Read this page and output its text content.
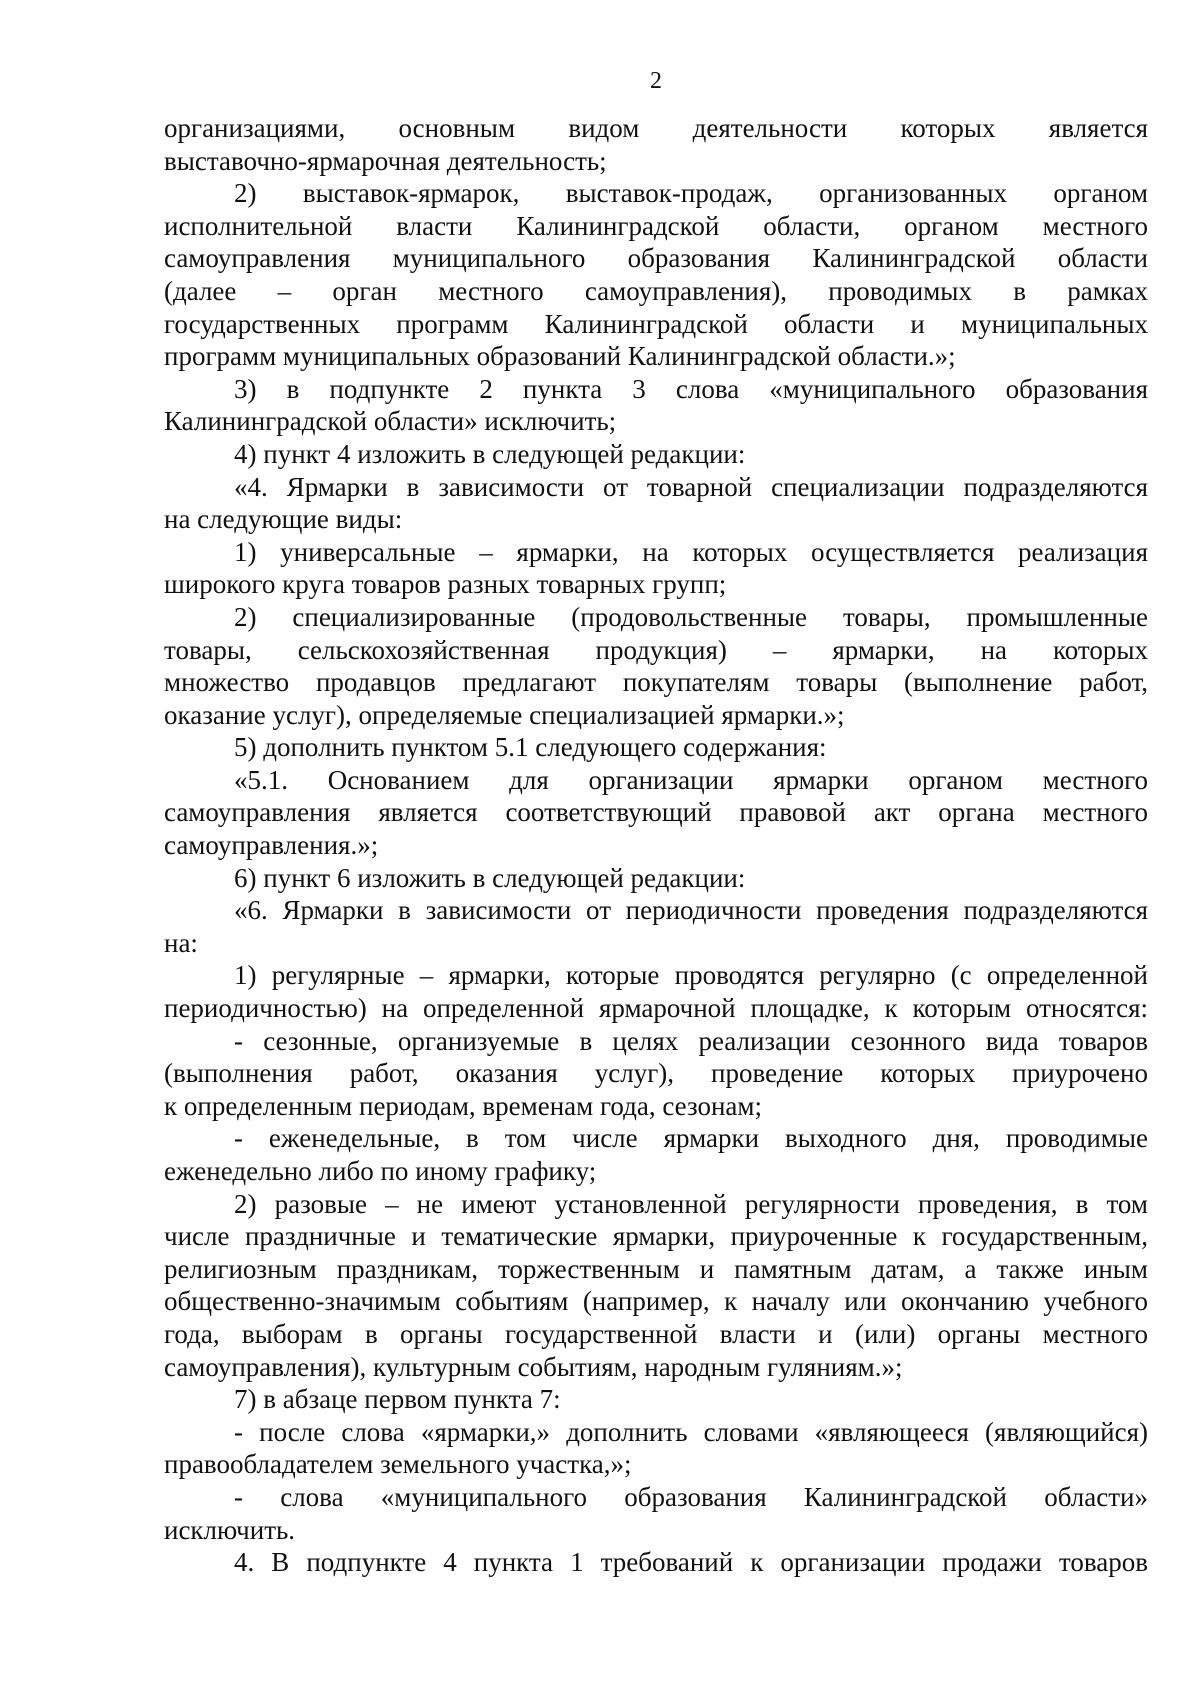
2
организациями, основным видом деятельности которых является
выставочно-ярмарочная деятельность;
2) выставок-ярмарок, выставок-продаж, организованных органом
исполнительной власти Калининградской области, органом местного
самоуправления муниципального образования Калининградской области
(далее – орган местного самоуправления), проводимых в рамках
государственных программ Калининградской области и муниципальных
программ муниципальных образований Калининградской области.»;
3) в подпункте 2 пункта 3 слова «муниципального образования
Калининградской области» исключить;
4) пункт 4 изложить в следующей редакции:
«4. Ярмарки в зависимости от товарной специализации подразделяются
на следующие виды:
1) универсальные – ярмарки, на которых осуществляется реализация
широкого круга товаров разных товарных групп;
2) специализированные (продовольственные товары, промышленные
товары, сельскохозяйственная продукция) – ярмарки, на которых
множество продавцов предлагают покупателям товары (выполнение работ,
оказание услуг), определяемые специализацией ярмарки.»;
5) дополнить пунктом 5.1 следующего содержания:
«5.1. Основанием для организации ярмарки органом местного
самоуправления является соответствующий правовой акт органа местного
самоуправления.»;
6) пункт 6 изложить в следующей редакции:
«6. Ярмарки в зависимости от периодичности проведения подразделяются
на:
1) регулярные – ярмарки, которые проводятся регулярно (с определенной
периодичностью) на определенной ярмарочной площадке, к которым относятся:
- сезонные, организуемые в целях реализации сезонного вида товаров
(выполнения работ, оказания услуг), проведение которых приурочено
к определенным периодам, временам года, сезонам;
- еженедельные, в том числе ярмарки выходного дня, проводимые
еженедельно либо по иному графику;
2) разовые – не имеют установленной регулярности проведения, в том
числе праздничные и тематические ярмарки, приуроченные к государственным,
религиозным праздникам, торжественным и памятным датам, а также иным
общественно-значимым событиям (например, к началу или окончанию учебного
года, выборам в органы государственной власти и (или) органы местного
самоуправления), культурным событиям, народным гуляниям.»;
7) в абзаце первом пункта 7:
- после слова «ярмарки,» дополнить словами «являющееся (являющийся)
правообладателем земельного участка,»;
- слова «муниципального образования Калининградской области»
исключить.
4. В подпункте 4 пункта 1 требований к организации продажи товаров
